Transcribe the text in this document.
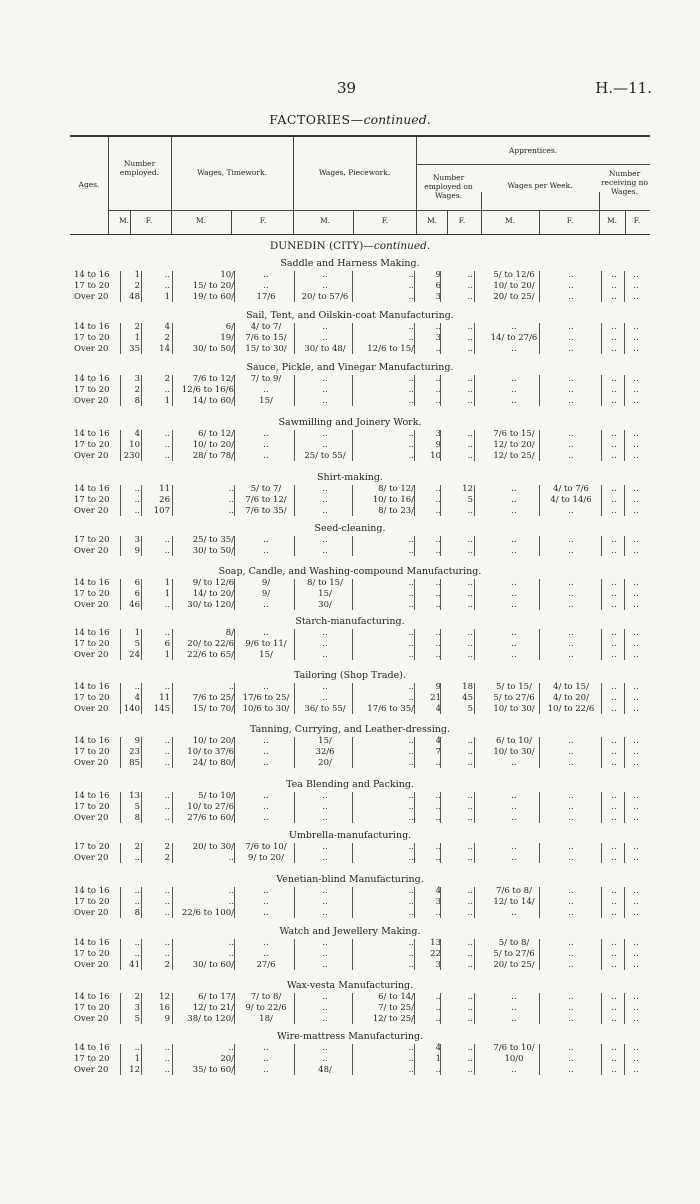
39	H.—11.
FACTORIES—continued.
Ages.
Number employed.	Wages, Timework.	Wages, Piecework.
Apprentices.
Number employed on Wages.
Wages per Week.
Number receiving no Wages.
M.	F.	M.	F.	M.	F.	M.	F.	M.	F.	M.	F.
DUNEDIN (CITY)—continued.
Saddle and Harness Making.
14 to 16	1	..	10/	..	..	..	9	..	5/ to 12/6	..	..	..
17 to 20	2	..	15/ to 20/	..	..	..	6	..	10/ to 20/	..	..	..
Over 20	48	1	19/ to 60/	17/6	20/ to 57/6	..	3	..	20/ to 25/	..	..	..
Sail, Tent, and Oilskin-coat Manufacturing.
14 to 16	2	4	6/	4/ to 7/	..	..	..	..	..	..	..	..
17 to 20	1	2	19/	7/6 to 15/	..	..	3	..	14/ to 27/6	..	..	..
Over 20	35	14	30/ to 50/	15/ to 30/	30/ to 48/	12/6 to 15/	..	..	..	..	..	..
Sauce, Pickle, and Vinegar Manufacturing.
14 to 16	3	2	7/6 to 12/	7/ to 9/	..	..	..	..	..	..	..	..
17 to 20	2	..	12/6 to 16/6	..	..	..	..	..	..	..	..	..
Over 20	8	1	14/ to 60/	15/	..	..	..	..	..	..	..	..
Sawmilling and Joinery Work.
14 to 16	4	..	6/ to 12/	..	..	..	3	..	7/6 to 15/	..	..	..
17 to 20	10	..	10/ to 20/	..	..	..	9	..	12/ to 20/	..	..	..
Over 20	230	..	28/ to 78/	..	25/ to 55/	..	10	..	12/ to 25/	..	..	..
Shirt-making.
14 to 16	..	11	..	5/ to 7/	..	8/ to 12/	..	12	..	4/ to 7/6	..	..
17 to 20	..	26	..	7/6 to 12/	..	10/ to 16/	..	5	..	4/ to 14/6	..	..
Over 20	..	107	..	7/6 to 35/	..	8/ to 23/	..	..	..	..	..	..
Seed-cleaning.
17 to 20	3	..	25/ to 35/	..	..	..	..	..	..	..	..	..
Over 20	9	..	30/ to 50/	..	..	..	..	..	..	..	..	..
Soap, Candle, and Washing-compound Manufacturing.
14 to 16	6	1	9/ to 12/6	9/	8/ to 15/	..	..	..	..	..	..	..
17 to 20	6	1	14/ to 20/	9/	15/	..	..	..	..	..	..	..
Over 20	46	..	30/ to 120/	..	30/	..	..	..	..	..	..	..
Starch-manufacturing.
14 to 16	1	..	8/	..	..	..	..	..	..	..	..	..
17 to 20	5	6	20/ to 22/6	9/6 to 11/	..	..	..	..	..	..	..	..
Over 20	24	1	22/6 to 65/	15/	..	..	..	..	..	..	..	..
Tailoring (Shop Trade).
14 to 16	..	..	..	..	..	..	9	18	5/ to 15/	4/ to 15/	..	..
17 to 20	4	11	7/6 to 25/	17/6 to 25/	..	..	21	45	5/ to 27/6	4/ to 20/	..	..
Over 20	140	145	15/ to 70/	10/6 to 30/	36/ to 55/	17/6 to 35/	4	5	10/ to 30/	10/ to 22/6	..	..
Tanning, Currying, and Leather-dressing.
14 to 16	9	..	10/ to 20/	..	15/	..	4	..	6/ to 10/	..	..	..
17 to 20	23	..	10/ to 37/6	..	32/6	..	7	..	10/ to 30/	..	..	..
Over 20	85	..	24/ to 80/	..	20/	..	..	..	..	..	..	..
Tea Blending and Packing.
14 to 16	13	..	5/ to 10/	..	..	..	..	..	..	..	..	..
17 to 20	5	..	10/ to 27/6	..	..	..	..	..	..	..	..	..
Over 20	8	..	27/6 to 60/	..	..	..	..	..	..	..	..	..
Umbrella-manufacturing.
17 to 20	2	2	20/ to 30/	7/6 to 10/	..	..	..	..	..	..	..	..
Over 20	..	2	..	9/ to 20/	..	..	..	..	..	..	..	..
Venetian-blind Manufacturing.
14 to 16	..	..	..	..	..	..	4	..	7/6 to 8/	..	..	..
17 to 20	..	..	..	..	..	..	3	..	12/ to 14/	..	..	..
Over 20	8	..	22/6 to 100/	..	..	..	..	..	..	..	..	..
Watch and Jewellery Making.
14 to 16	..	..	..	..	..	..	13	..	5/ to 8/	..	..	..
17 to 20	..	..	..	..	..	..	22	..	5/ to 27/6	..	..	..
Over 20	41	2	30/ to 60/	27/6	..	..	3	..	20/ to 25/	..	..	..
Wax-vesta Manufacturing.
14 to 16	2	12	6/ to 17/	7/ to 8/	..	6/ to 14/	..	..	..	..	..	..
17 to 20	3	16	12/ to 21/	9/ to 22/6	..	7/ to 25/	..	..	..	..	..	..
Over 20	5	9	38/ to 120/	18/	..	12/ to 25/	..	..	..	..	..	..
Wire-mattress Manufacturing.
14 to 16	..	..	..	..	..	..	4	..	7/6 to 10/	..	..	..
17 to 20	1	..	20/	..	..	..	1	..	10/0	..	..	..
Over 20	12	..	35/ to 60/	..	48/	..	..	..	..	..	..	..
